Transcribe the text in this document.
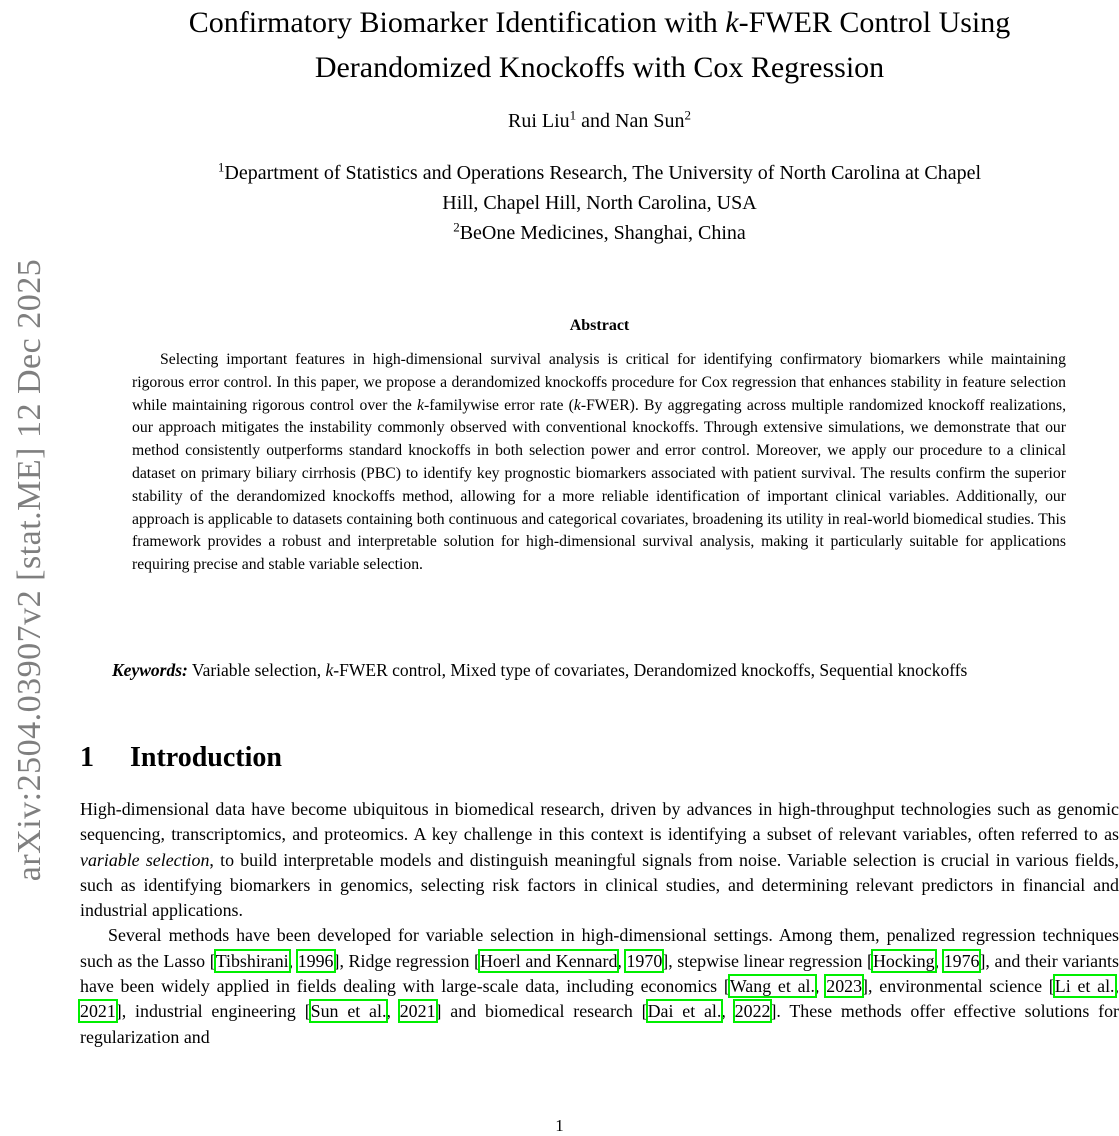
arXiv:2504.03907v2 [stat.ME] 12 Dec 2025
Confirmatory Biomarker Identification with k-FWER Control Using
Derandomized Knockoffs with Cox Regression
Rui Liu$^1$ and Nan Sun$^2$
$^1$Department of Statistics and Operations Research, The University of North Carolina at Chapel
Hill, Chapel Hill, North Carolina, USA
$^2$BeOne Medicines, Shanghai, China
Abstract

Selecting important features in high-dimensional survival analysis is critical for identifying confirmatory biomarkers while maintaining rigorous error control. In this paper, we propose a derandomized knockoffs procedure for Cox regression that enhances stability in feature selection while maintaining rigorous control over the k-familywise error rate (k-FWER). By aggregating across multiple randomized knockoff realizations, our approach mitigates the instability commonly observed with conventional knockoffs. Through extensive simulations, we demonstrate that our method consistently outperforms standard knockoffs in both selection power and error control. Moreover, we apply our procedure to a clinical dataset on primary biliary cirrhosis (PBC) to identify key prognostic biomarkers associated with patient survival. The results confirm the superior stability of the derandomized knockoffs method, allowing for a more reliable identification of important clinical variables. Additionally, our approach is applicable to datasets containing both continuous and categorical covariates, broadening its utility in real-world biomedical studies. This framework provides a robust and interpretable solution for high-dimensional survival analysis, making it particularly suitable for applications requiring precise and stable variable selection.

Keywords: Variable selection, k-FWER control, Mixed type of covariates, Derandomized knockoffs, Sequential knockoffs

1 Introduction

High-dimensional data have become ubiquitous in biomedical research, driven by advances in high-throughput technologies such as genomic sequencing, transcriptomics, and proteomics. A key challenge in this context is identifying a subset of relevant variables, often referred to as variable selection, to build interpretable models and distinguish meaningful signals from noise. Variable selection is crucial in various fields, such as identifying biomarkers in genomics, selecting risk factors in clinical studies, and determining relevant predictors in financial and industrial applications.

Several methods have been developed for variable selection in high-dimensional settings. Among them, penalized regression techniques such as the Lasso [Tibshirani, 1996], Ridge regression [Hoerl and Kennard, 1970], stepwise linear regression [Hocking, 1976], and their variants have been widely applied in fields dealing with large-scale data, including economics [Wang et al., 2023], environmental science [Li et al., 2021], industrial engineering [Sun et al., 2021] and biomedical research [Dai et al., 2022]. These methods offer effective solutions for regularization and

1
